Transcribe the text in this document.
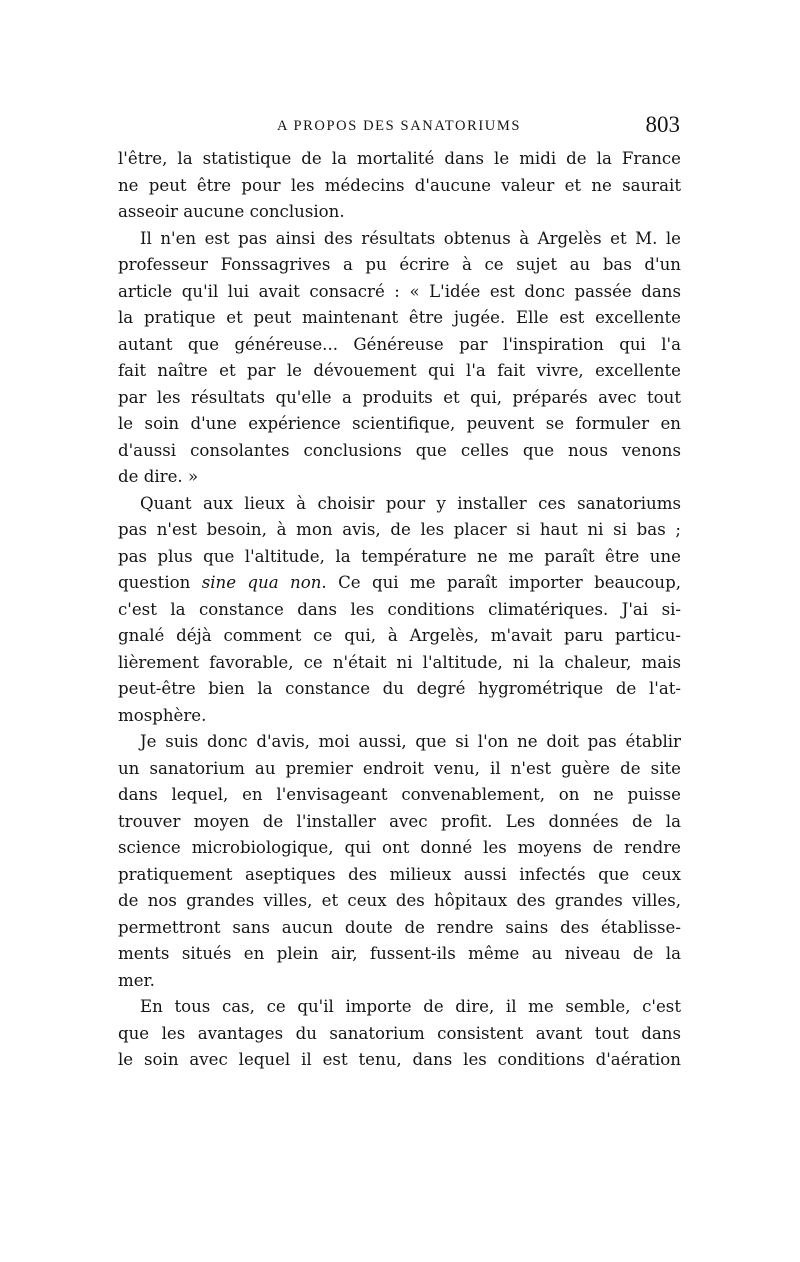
A PROPOS DES SANATORIUMS	803
l'être, la statistique de la mortalité dans le midi de la France
ne peut être pour les médecins d'aucune valeur et ne saurait
asseoir aucune conclusion.
Il n'en est pas ainsi des résultats obtenus à Argelès et M. le
professeur Fonssagrives a pu écrire à ce sujet au bas d'un
article qu'il lui avait consacré : « L'idée est donc passée dans
la pratique et peut maintenant être jugée. Elle est excellente
autant que généreuse... Généreuse par l'inspiration qui l'a
fait naître et par le dévouement qui l'a fait vivre, excellente
par les résultats qu'elle a produits et qui, préparés avec tout
le soin d'une expérience scientifique, peuvent se formuler en
d'aussi consolantes conclusions que celles que nous venons
de dire. »
Quant aux lieux à choisir pour y installer ces sanatoriums
pas n'est besoin, à mon avis, de les placer si haut ni si bas ;
pas plus que l'altitude, la température ne me paraît être une
question sine qua non. Ce qui me paraît importer beaucoup,
c'est la constance dans les conditions climatériques. J'ai si-
gnalé déjà comment ce qui, à Argelès, m'avait paru particu-
lièrement favorable, ce n'était ni l'altitude, ni la chaleur, mais
peut-être bien la constance du degré hygrométrique de l'at-
mosphère.
Je suis donc d'avis, moi aussi, que si l'on ne doit pas établir
un sanatorium au premier endroit venu, il n'est guère de site
dans lequel, en l'envisageant convenablement, on ne puisse
trouver moyen de l'installer avec profit. Les données de la
science microbiologique, qui ont donné les moyens de rendre
pratiquement aseptiques des milieux aussi infectés que ceux
de nos grandes villes, et ceux des hôpitaux des grandes villes,
permettront sans aucun doute de rendre sains des établisse-
ments situés en plein air, fussent-ils même au niveau de la
mer.
En tous cas, ce qu'il importe de dire, il me semble, c'est
que les avantages du sanatorium consistent avant tout dans
le soin avec lequel il est tenu, dans les conditions d'aération
